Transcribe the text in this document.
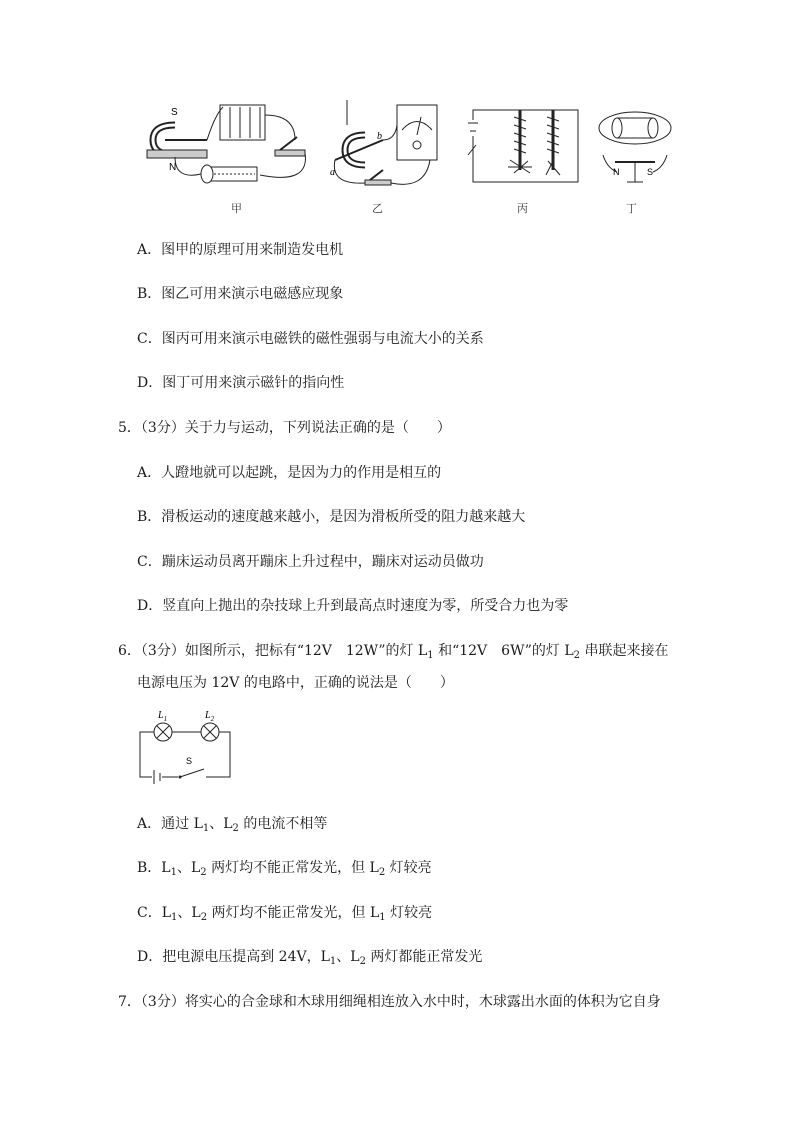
S
N
甲
a
b
乙	丙
N	S
丁
A．图甲的原理可用来制造发电机
B．图乙可用来演示电磁感应现象
C．图丙可用来演示电磁铁的磁性强弱与电流大小的关系
D．图丁可用来演示磁针的指向性
5．（3分）关于力与运动，下列说法正确的是（　　）
A．人蹬地就可以起跳，是因为力的作用是相互的
B．滑板运动的速度越来越小，是因为滑板所受的阻力越来越大
C．蹦床运动员离开蹦床上升过程中，蹦床对运动员做功
D．竖直向上抛出的杂技球上升到最高点时速度为零，所受合力也为零
6．（3分）如图所示，把标有“12V　12W”的灯 $L_1$ 和“12V　6W”的灯 $L_2$ 串联起来接在
电源电压为 12V 的电路中，正确的说法是（　　）
$L_1$	$L_2$
S
A．通过 $L_1$、$L_2$ 的电流不相等
B．$L_1$、$L_2$ 两灯均不能正常发光，但 $L_2$ 灯较亮
C．$L_1$、$L_2$ 两灯均不能正常发光，但 $L_1$ 灯较亮
D．把电源电压提高到 24V，$L_1$、$L_2$ 两灯都能正常发光
7．（3分）将实心的合金球和木球用细绳相连放入水中时，木球露出水面的体积为它自身
